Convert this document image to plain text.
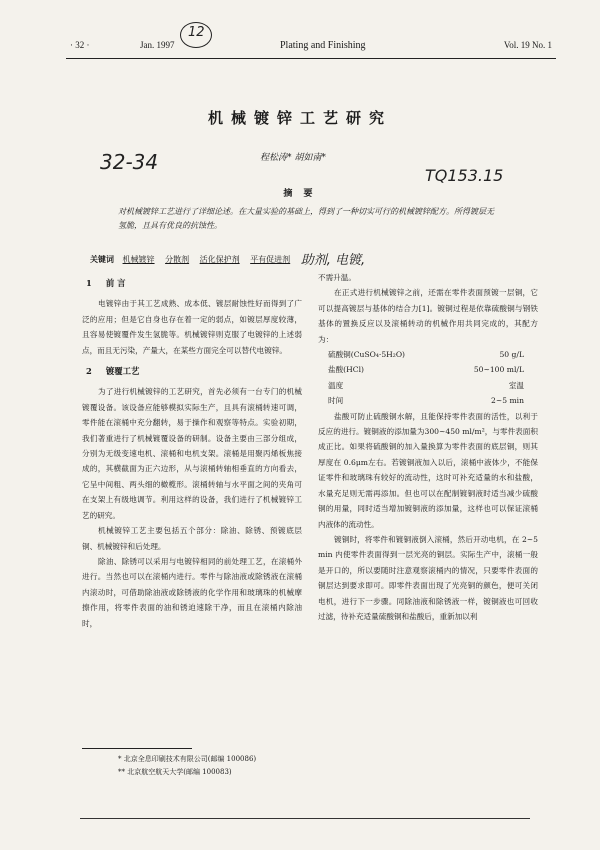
· 32 ·	Jan. 1997	Plating and Finishing	Vol. 19 No. 1
12
机械镀锌工艺研究
32-34	程松涛* 胡如南*
TQ153.15
摘 要
对机械镀锌工艺进行了详细论述。在大量实验的基础上，得到了一种切实可行的机械镀锌配方。所得镀层无氢脆，且具有优良的抗蚀性。
关键词 机械镀锌 分散剂 活化保护剂 平有促进剂 助剂, 电镀,
1 前 言

电镀锌由于其工艺成熟、成本低、镀层耐蚀性好而得到了广泛的应用；但是它自身也存在着一定的弱点，如镀层厚度较薄，且容易使镀覆件发生氢脆等。机械镀锌则克服了电镀锌的上述弱点，而且无污染，产量大，在某些方面完全可以替代电镀锌。

2 镀覆工艺

为了进行机械镀锌的工艺研究，首先必须有一台专门的机械镀覆设备。该设备应能够模拟实际生产，且具有滚桶转速可调，零件能在滚桶中充分翻转，易于操作和观察等特点。实验初期，我们著重进行了机械镀覆设备的研制。设备主要由三部分组成，分别为无级变速电机、滚桶和电机支架。滚桶是用聚丙烯板焦接成的，其横截面为正六边形，从与滚桶转轴相垂直的方向看去，它呈中间粗、两头细的橄榄形。滚桶转轴与水平面之间的夹角可在支架上有级地调节。利用这样的设备，我们进行了机械镀锌工艺的研究。

机械镀锌工艺主要包括五个部分：除油、除锈、预镀底层铜、机械镀锌和后处理。

除油、除锈可以采用与电镀锌相同的前处理工艺，在滚桶外进行。当然也可以在滚桶内进行。零件与除油液或除锈液在滚桶内滚动时，可借助除油液或除锈液的化学作用和玻璃珠的机械摩擦作用，将零件表面的油和锈迫速除干净，而且在滚桶内除油时，

不需升温。

在正式进行机械镀锌之前，还需在零件表面预镀一层铜，它可以提高镀层与基体的结合力[1]。镀铜过程是依靠硫酸铜与钢铁基体的置换反应以及滚桶转动的机械作用共同完成的，其配方为：

硫酸铜(CuSO₄·5H₂O)	50 g/L
盐酸(HCl)	50~100 ml/L
温度	室温
时间	2~5 min

盐酸可防止硫酸铜水解，且能保持零件表面的活性，以利于反应的进行。镀铜液的添加量为300~450 ml/m²，与零件表面积成正比。如果将硫酸铜的加入量换算为零件表面的底层铜，则其厚度在 0.6μm左右。若镀铜液加入以后，滚桶中液体少，不能保证零件和玻璃珠有较好的流动性，这时可补充适量的水和盐酸，水量充足则无需再添加。但也可以在配制镀铜液时适当减少硫酸铜的用量，同时适当增加镀铜液的添加量，这样也可以保证滚桶内液体的流动性。

镀铜时，将零件和镀铜液倒入滚桶，然后开动电机，在 2~5 min 内使零件表面得到一层光亮的铜层。实际生产中，滚桶一般是开口的，所以要随时注意观察滚桶内的情况，只要零件表面的铜层达到要求即可。即零件表面出现了光亮铜的颜色，便可关闭电机，进行下一步骤。同除油液和除锈液一样，镀铜液也可回收过滤，待补充适量硫酸铜和盐酸后，重新加以利

* 北京全息印刷技术有限公司(邮编 100086)
** 北京航空航天大学(邮编 100083)
